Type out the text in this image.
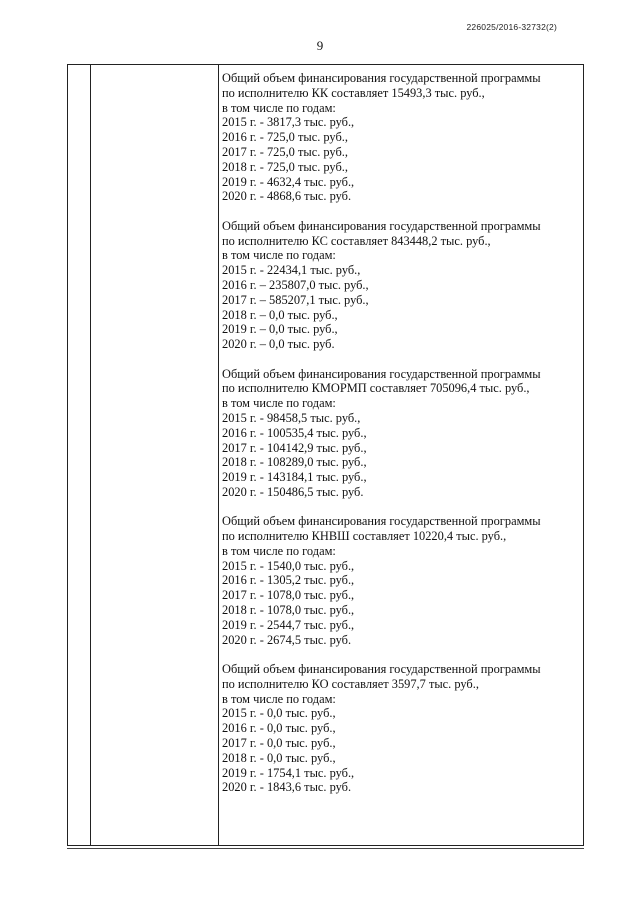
226025/2016-32732(2)
9
Общий объем финансирования государственной программы
по исполнителю КК составляет 15493,3 тыс. руб.,
в том числе по годам:
2015 г. - 3817,3 тыс. руб.,
2016 г. - 725,0 тыс. руб.,
2017 г. - 725,0 тыс. руб.,
2018 г. - 725,0 тыс. руб.,
2019 г. - 4632,4 тыс. руб.,
2020 г. - 4868,6 тыс. руб.
Общий объем финансирования государственной программы
по исполнителю КС составляет 843448,2 тыс. руб.,
в том числе по годам:
2015 г. - 22434,1 тыс. руб.,
2016 г. – 235807,0 тыс. руб.,
2017 г. – 585207,1 тыс. руб.,
2018 г. – 0,0 тыс. руб.,
2019 г. – 0,0 тыс. руб.,
2020 г. – 0,0 тыс. руб.
Общий объем финансирования государственной программы
по исполнителю КМОРМП составляет 705096,4 тыс. руб.,
в том числе по годам:
2015 г. - 98458,5 тыс. руб.,
2016 г. - 100535,4 тыс. руб.,
2017 г. - 104142,9 тыс. руб.,
2018 г. - 108289,0 тыс. руб.,
2019 г. - 143184,1 тыс. руб.,
2020 г. - 150486,5 тыс. руб.
Общий объем финансирования государственной программы
по исполнителю КНВШ составляет 10220,4 тыс. руб.,
в том числе по годам:
2015 г. - 1540,0 тыс. руб.,
2016 г. - 1305,2 тыс. руб.,
2017 г. - 1078,0 тыс. руб.,
2018 г. - 1078,0 тыс. руб.,
2019 г. - 2544,7 тыс. руб.,
2020 г. - 2674,5 тыс. руб.
Общий объем финансирования государственной программы
по исполнителю КО составляет 3597,7 тыс. руб.,
в том числе по годам:
2015 г. - 0,0 тыс. руб.,
2016 г. - 0,0 тыс. руб.,
2017 г. - 0,0 тыс. руб.,
2018 г. - 0,0 тыс. руб.,
2019 г. - 1754,1 тыс. руб.,
2020 г. - 1843,6 тыс. руб.
